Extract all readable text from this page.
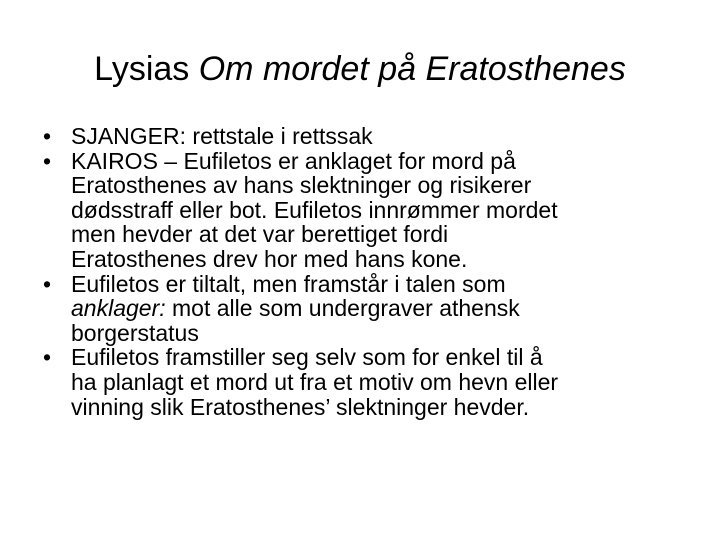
Lysias Om mordet på Eratosthenes
• SJANGER: rettstale i rettssak
• KAIROS – Eufiletos er anklaget for mord på
Eratosthenes av hans slektninger og risikerer
dødsstraff eller bot. Eufiletos innrømmer mordet
men hevder at det var berettiget fordi
Eratosthenes drev hor med hans kone.
• Eufiletos er tiltalt, men framstår i talen som
anklager: mot alle som undergraver athensk
borgerstatus
• Eufiletos framstiller seg selv som for enkel til å
ha planlagt et mord ut fra et motiv om hevn eller
vinning slik Eratosthenes’ slektninger hevder.
